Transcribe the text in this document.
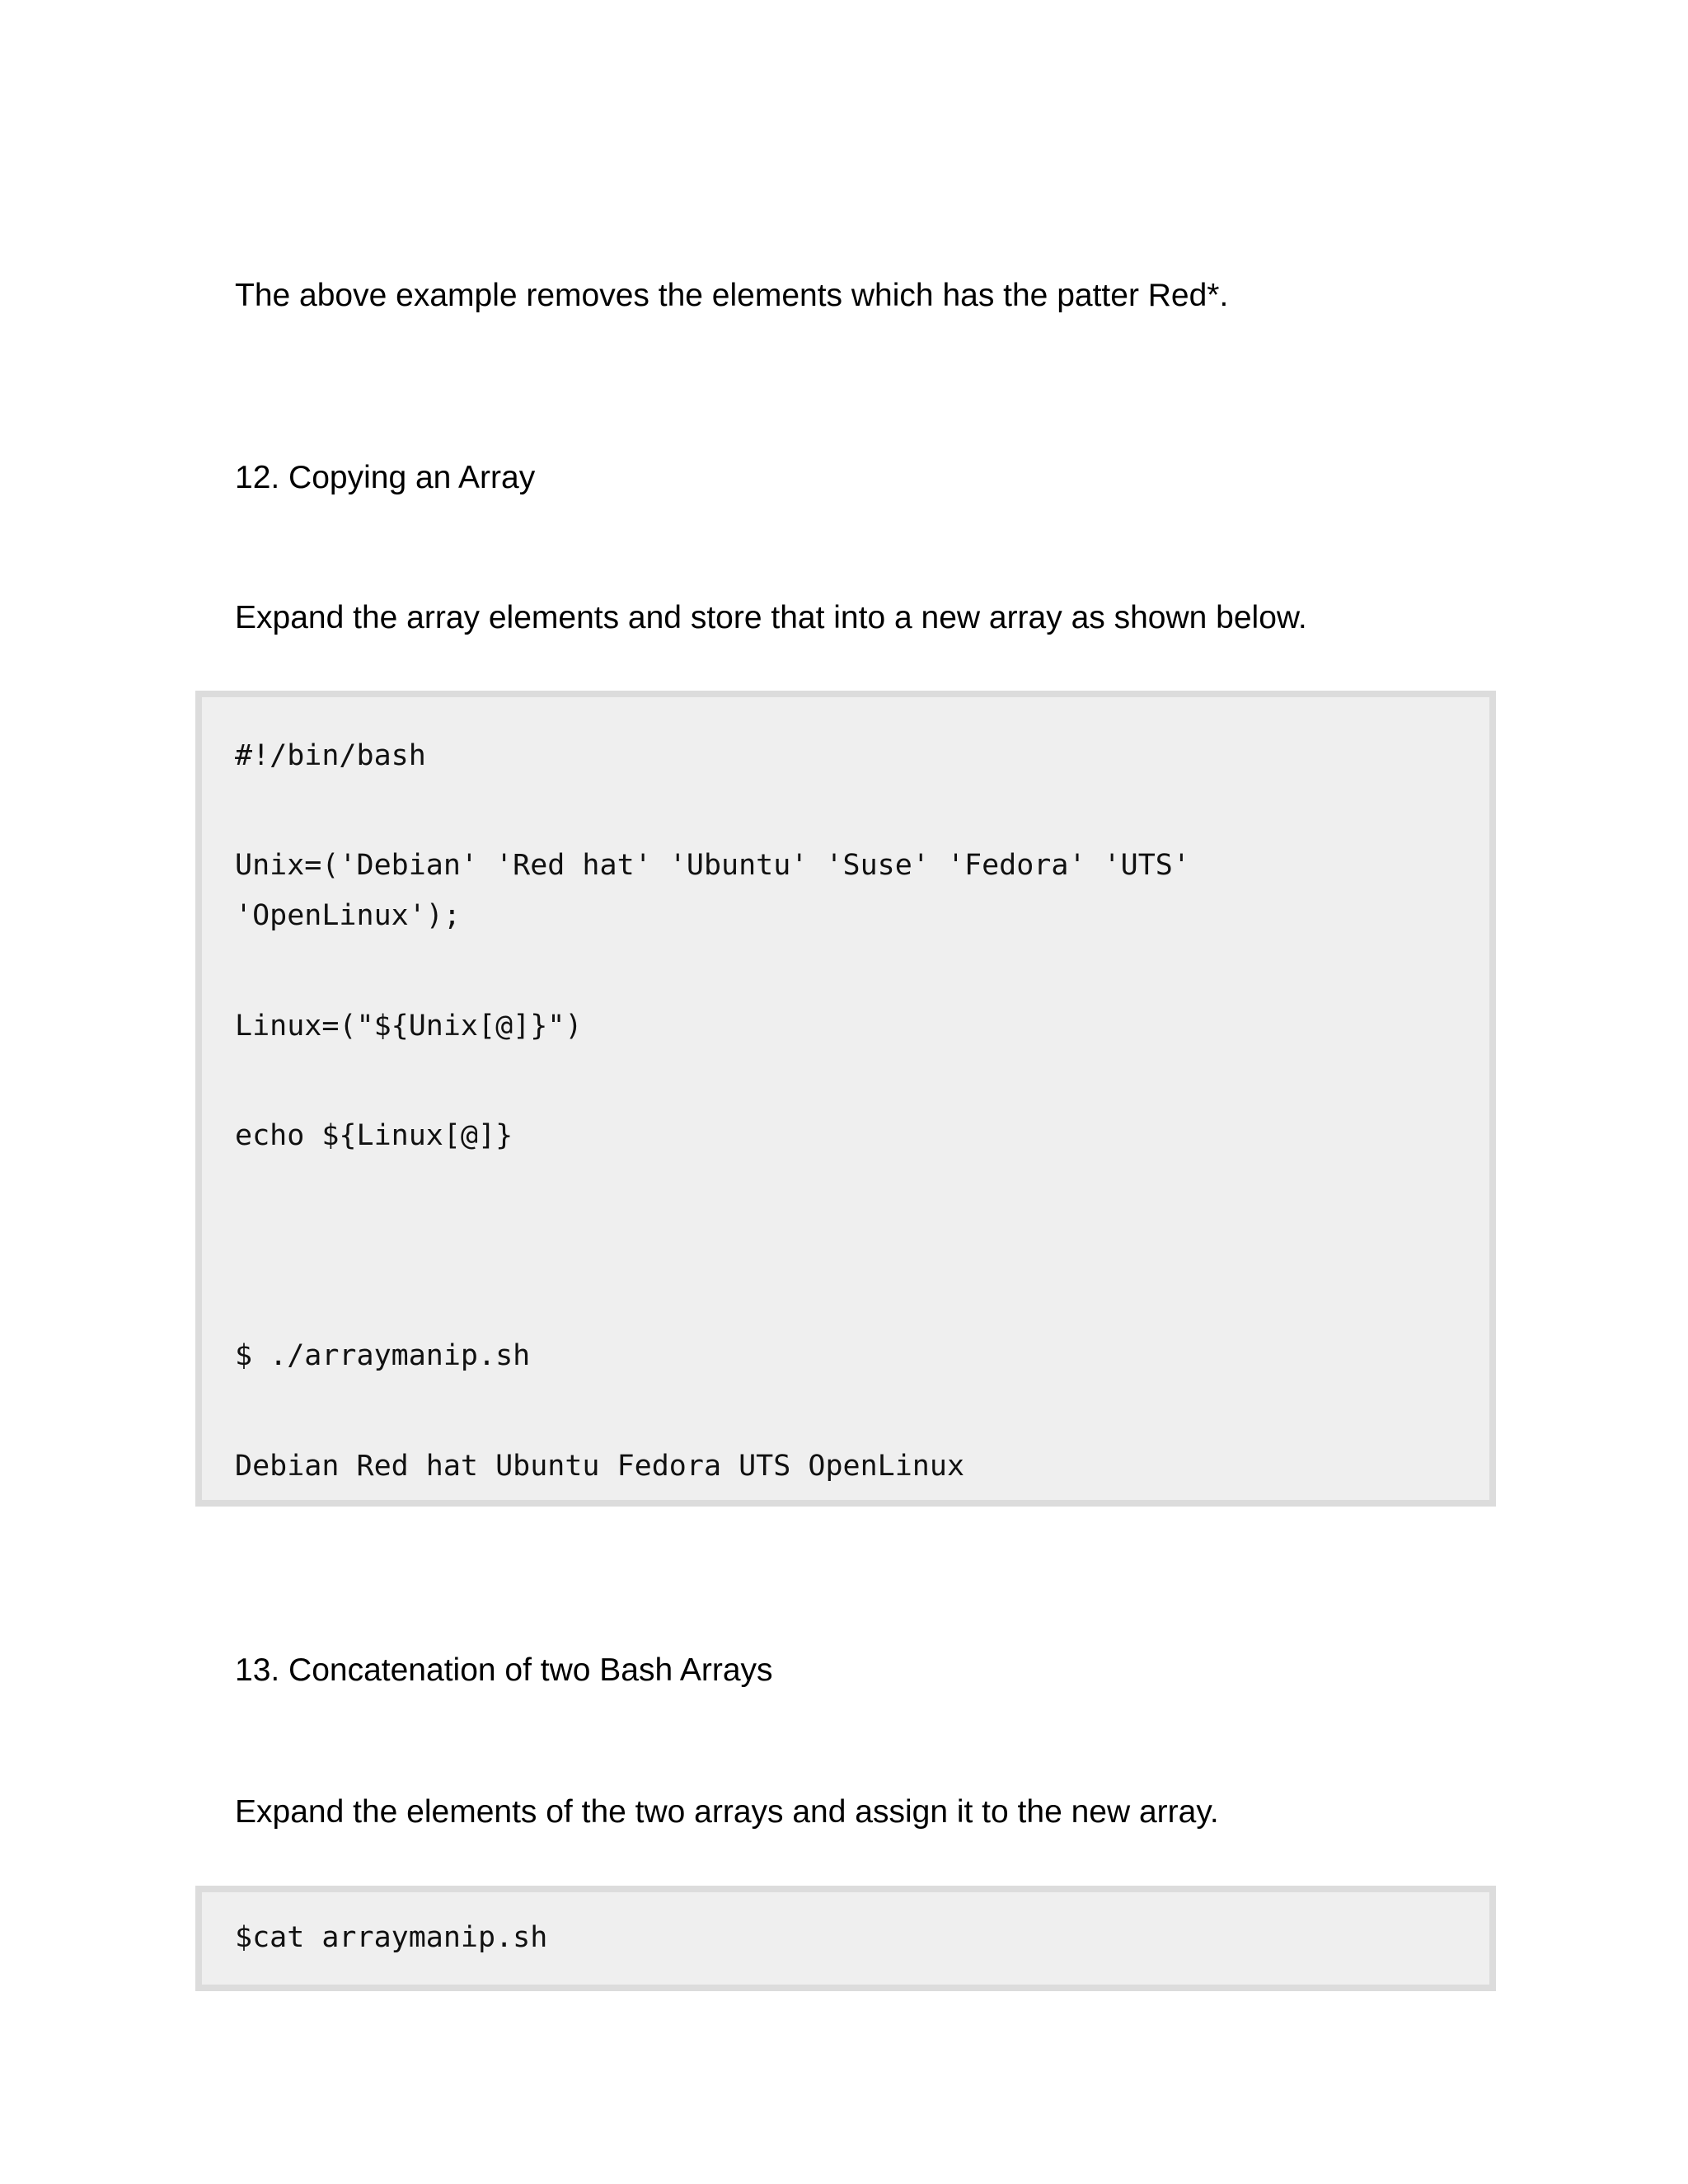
The above example removes the elements which has the patter Red*.

12. Copying an Array

Expand the array elements and store that into a new array as shown below.

#!/bin/bash
Unix=('Debian' 'Red hat' 'Ubuntu' 'Suse' 'Fedora' 'UTS'
'OpenLinux');
Linux=("${Unix[@]}")
echo ${Linux[@]}
$ ./arraymanip.sh
Debian Red hat Ubuntu Fedora UTS OpenLinux

13. Concatenation of two Bash Arrays

Expand the elements of the two arrays and assign it to the new array.

$cat arraymanip.sh
